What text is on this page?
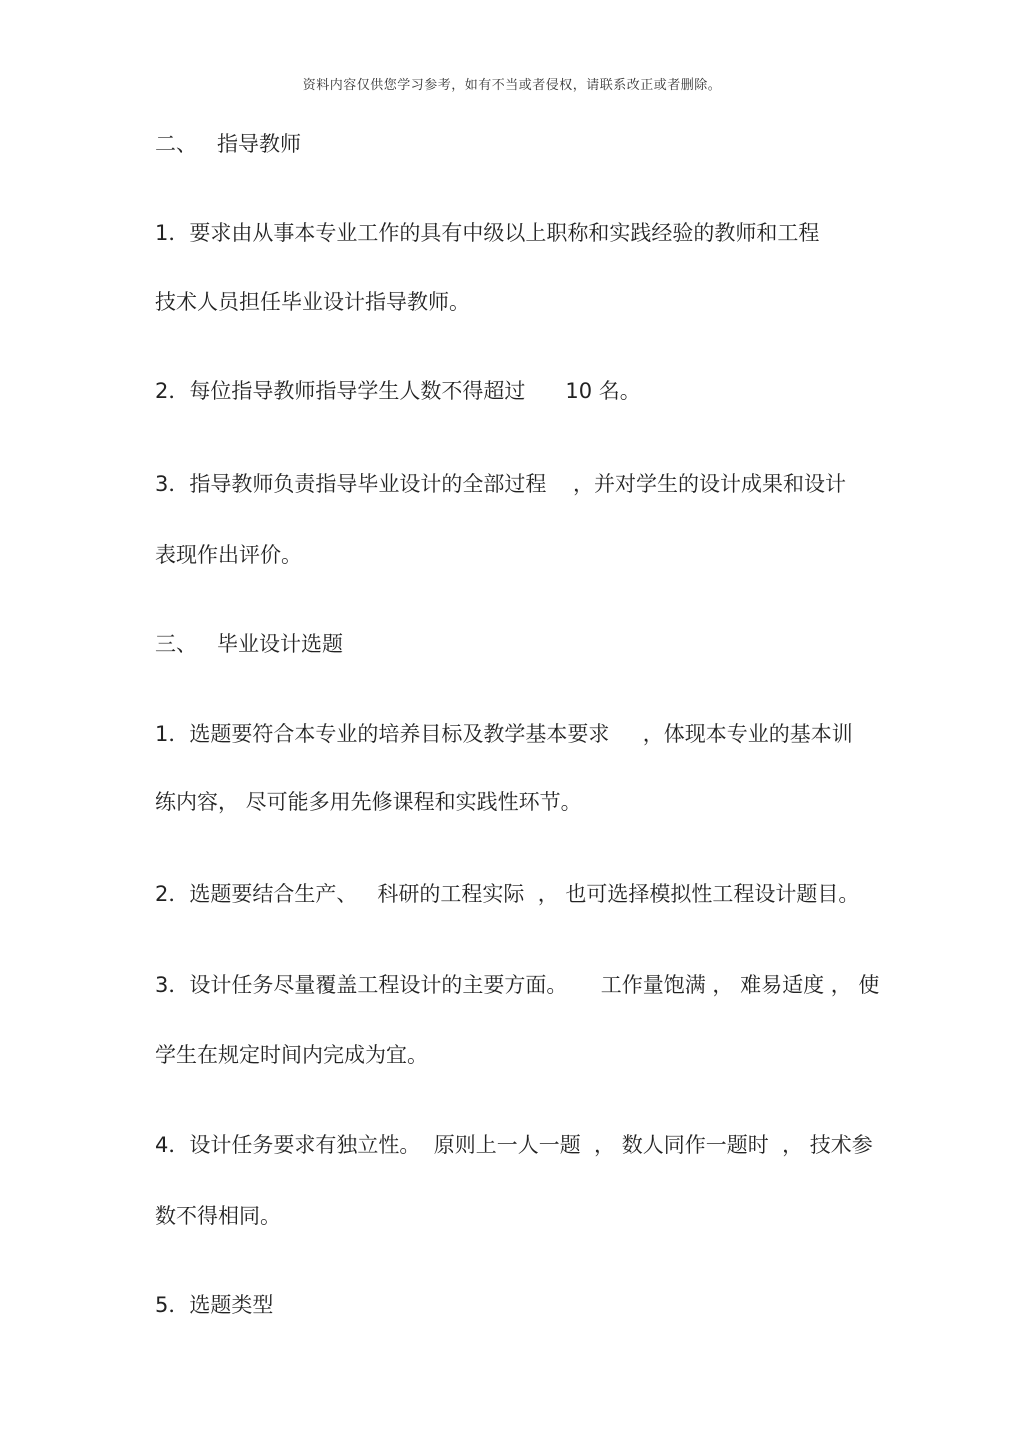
资料内容仅供您学习参考，如有不当或者侵权，请联系改正或者删除。
二、   指导教师
1．要求由从事本专业工作的具有中级以上职称和实践经验的教师和工程
技术人员担任毕业设计指导教师。
2．每位指导教师指导学生人数不得超过      10 名。
3．指导教师负责指导毕业设计的全部过程    ，并对学生的设计成果和设计
表现作出评价。
三、   毕业设计选题
1．选题要符合本专业的培养目标及教学基本要求     ，体现本专业的基本训
练内容， 尽可能多用先修课程和实践性环节。
2．选题要结合生产、   科研的工程实际  ， 也可选择模拟性工程设计题目。
3．设计任务尽量覆盖工程设计的主要方面。     工作量饱满 ， 难易适度 ， 使
学生在规定时间内完成为宜。
4．设计任务要求有独立性。  原则上一人一题  ， 数人同作一题时  ， 技术参
数不得相同。
5．选题类型
